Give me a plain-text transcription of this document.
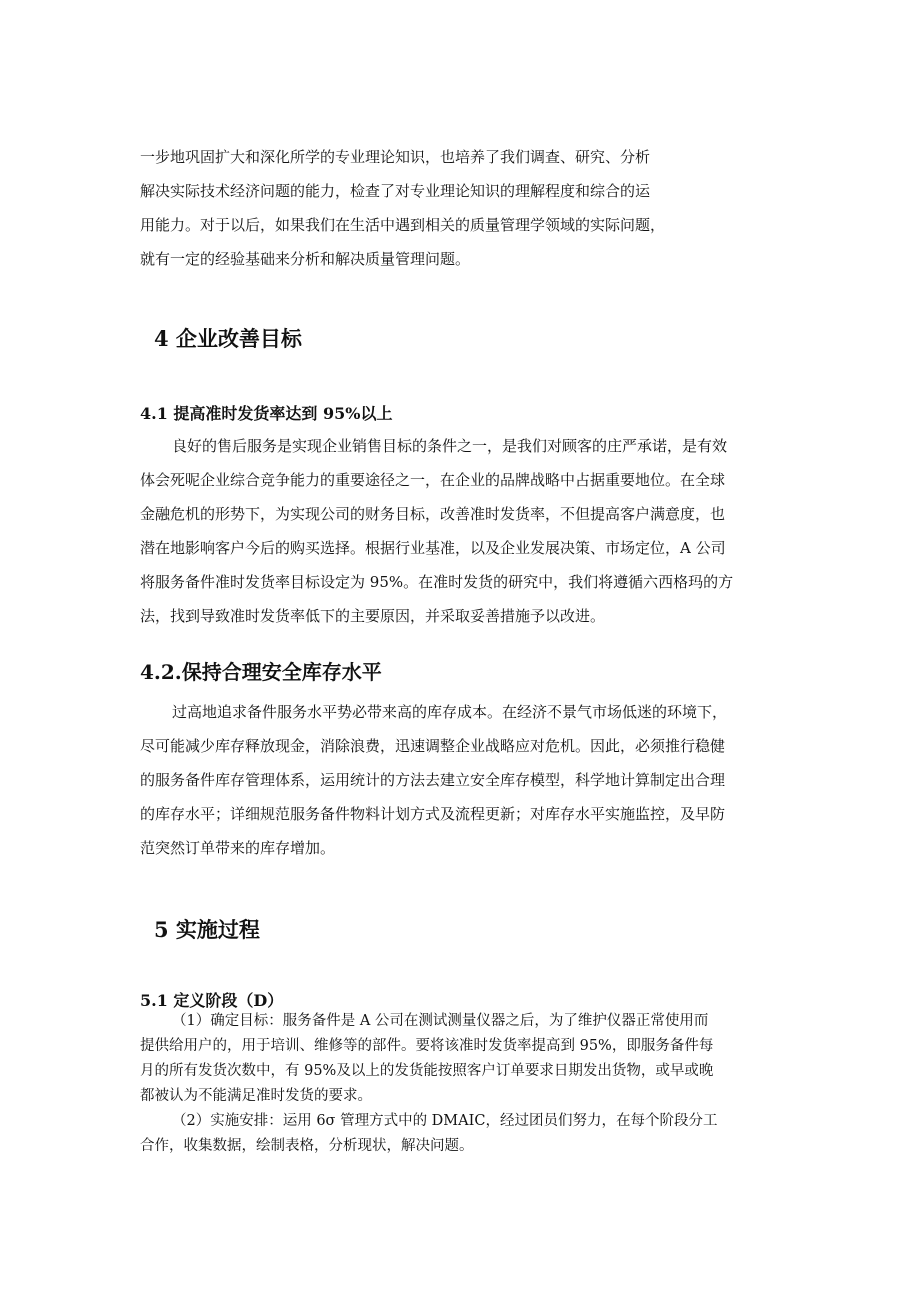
一步地巩固扩大和深化所学的专业理论知识，也培养了我们调查、研究、分析

解决实际技术经济问题的能力，检查了对专业理论知识的理解程度和综合的运

用能力。对于以后，如果我们在生活中遇到相关的质量管理学领域的实际问题，

就有一定的经验基础来分析和解决质量管理问题。

4 企业改善目标
4.1 提高准时发货率达到 95%以上

良好的售后服务是实现企业销售目标的条件之一，是我们对顾客的庄严承诺，是有效

体会死呢企业综合竞争能力的重要途径之一，在企业的品牌战略中占据重要地位。在全球

金融危机的形势下，为实现公司的财务目标，改善准时发货率，不但提高客户满意度，也

潜在地影响客户今后的购买选择。根据行业基准，以及企业发展决策、市场定位，A 公司

将服务备件准时发货率目标设定为 95%。在准时发货的研究中，我们将遵循六西格玛的方

法，找到导致准时发货率低下的主要原因，并采取妥善措施予以改进。

4.2.保持合理安全库存水平

过高地追求备件服务水平势必带来高的库存成本。在经济不景气市场低迷的环境下，

尽可能减少库存释放现金，消除浪费，迅速调整企业战略应对危机。因此，必须推行稳健

的服务备件库存管理体系，运用统计的方法去建立安全库存模型，科学地计算制定出合理

的库存水平；详细规范服务备件物料计划方式及流程更新；对库存水平实施监控，及早防

范突然订单带来的库存增加。

5 实施过程
5.1 定义阶段（D）

（1）确定目标：服务备件是 A 公司在测试测量仪器之后，为了维护仪器正常使用而

提供给用户的，用于培训、维修等的部件。要将该准时发货率提高到 95%，即服务备件每

月的所有发货次数中，有 95%及以上的发货能按照客户订单要求日期发出货物，或早或晚

都被认为不能满足准时发货的要求。

（2）实施安排：运用 6σ 管理方式中的 DMAIC，经过团员们努力，在每个阶段分工

合作，收集数据，绘制表格，分析现状，解决问题。
